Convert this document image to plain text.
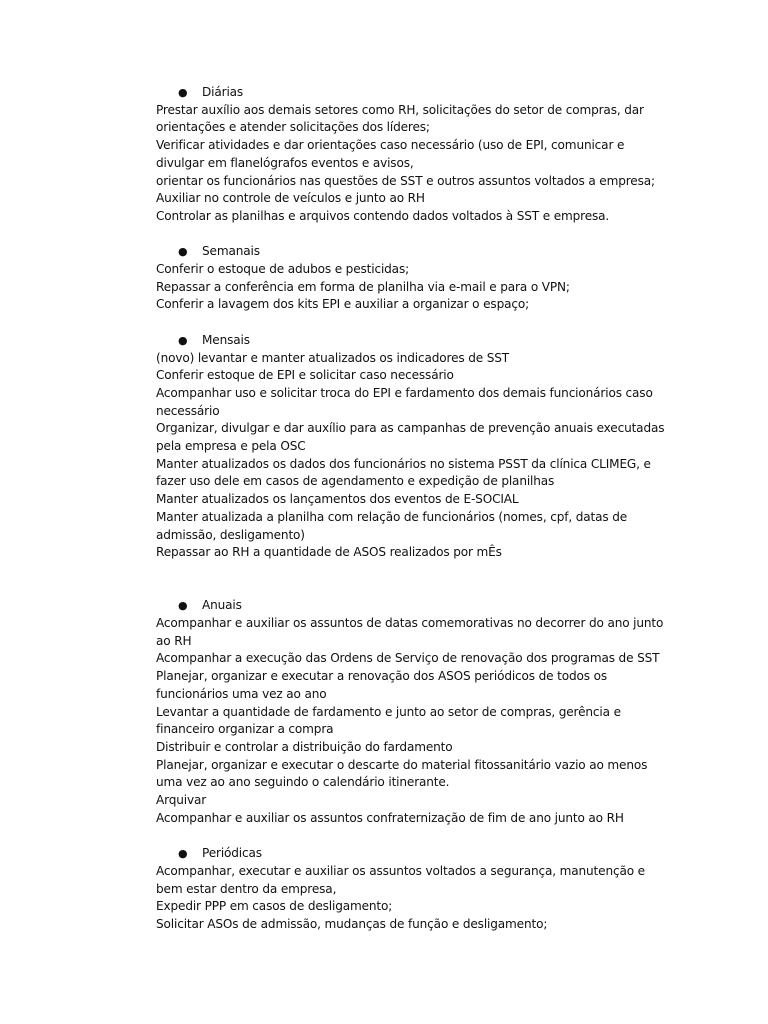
●	Diárias

Prestar auxílio aos demais setores como RH, solicitações do setor de compras, dar orientações e atender solicitações dos líderes;

Verificar atividades e dar orientações caso necessário (uso de EPI, comunicar e divulgar em flanelógrafos eventos e avisos,

orientar os funcionários nas questões de SST e outros assuntos voltados a empresa;

Auxiliar no controle de veículos e junto ao RH

Controlar as planilhas e arquivos contendo dados voltados à SST e empresa.

●	Semanais

Conferir o estoque de adubos e pesticidas;

Repassar a conferência em forma de planilha via e-mail e para o VPN;

Conferir a lavagem dos kits EPI e auxiliar a organizar o espaço;

●	Mensais

(novo) levantar e manter atualizados os indicadores de SST

Conferir estoque de EPI e solicitar caso necessário

Acompanhar uso e solicitar troca do EPI e fardamento dos demais funcionários caso necessário

Organizar, divulgar e dar auxílio para as campanhas de prevenção anuais executadas pela empresa e pela OSC

Manter atualizados os dados dos funcionários no sistema PSST da clínica CLIMEG, e fazer uso dele em casos de agendamento e expedição de planilhas

Manter atualizados os lançamentos dos eventos de E-SOCIAL

Manter atualizada a planilha com relação de funcionários (nomes, cpf, datas de admissão, desligamento)

Repassar ao RH a quantidade de ASOS realizados por mÊs

●	Anuais

Acompanhar e auxiliar os assuntos de datas comemorativas no decorrer do ano junto ao RH

Acompanhar a execução das Ordens de Serviço de renovação dos programas de SST

Planejar, organizar e executar a renovação dos ASOS periódicos de todos os funcionários uma vez ao ano

Levantar a quantidade de fardamento e junto ao setor de compras, gerência e financeiro organizar a compra

Distribuir e controlar a distribuição do fardamento

Planejar, organizar e executar o descarte do material fitossanitário vazio ao menos uma vez ao ano seguindo o calendário itinerante.

Arquivar

Acompanhar e auxiliar os assuntos confraternização de fim de ano junto ao RH

●	Periódicas

Acompanhar, executar e auxiliar os assuntos voltados a segurança, manutenção e bem estar dentro da empresa,

Expedir PPP em casos de desligamento;

Solicitar ASOs de admissão, mudanças de função e desligamento;
